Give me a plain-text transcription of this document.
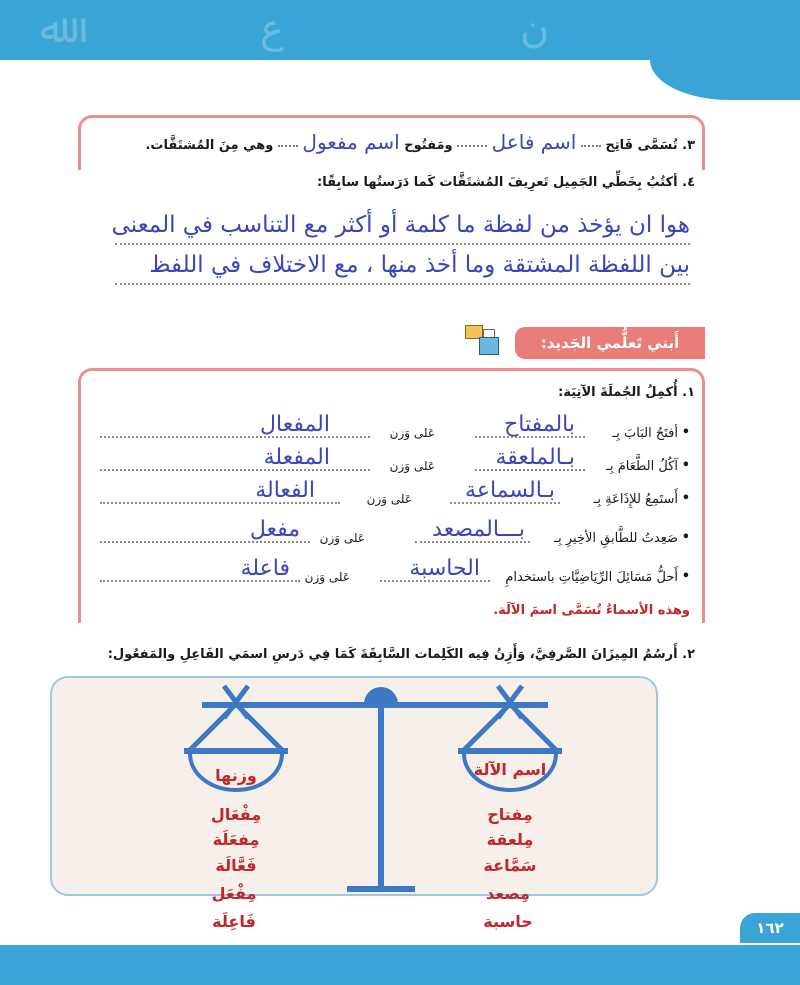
ﷲ	ع	ن
٣. تُسَمَّى فَاتِح  اسم فاعل  ومَفتُوح اسم مفعول  وهي مِنَ المُشتَقَّات.
٤. أكتُبُ بِخَطِّي الجَمِيل تَعرِيفَ المُشتَقَّات كَما دَرَستُها سابِقًا:
هوا ان يؤخذ من لفظة ما كلمة أو أكثر مع التناسب في المعنى
بين اللفظة المشتقة وما أخذ منها ، مع الاختلاف في اللفظ
أَبني تَعلُّمي الجَديد:
١. أُكمِلُ الجُملَةَ الآتِيَة:
•
أفتَحُ البَابَ بِـ
بالمفتاح
عَلى وَزن
المفعال
•
آكُلُ الطَّعَامَ بِـ
بـالملعقة
عَلى وَزن
المفعلة
•
أَستَمِعُ للإِذَاعَةِ بِـ
بـالسماعة
عَلى وَزن
الفعالة
•
صَعِدتُ للطَّابقِ الأخِيرِ بِـ
بـــالمصعد
عَلى وَزن
مفعل
•
أَحلُّ مَسَائِلَ الرِّيَاضِيَّاتِ باستخدامِ
الحاسبة
عَلى وَزن
فاعلة
وهذه الأسماءُ تُسَمَّى اسمَ الآلَة.
٢. أَرسُمُ المِيزَانَ الصَّرفِيَّ، وَأَزِنُ فِيه الكَلِمات السَّابِقَةَ كَمَا فِي دَرسِ اسمَي الفَاعِلِ والمَفعُول:
وزنها	اسم الآلة
مِفْعَال
مِفعَلَة
فَعَّالَة
مِفتاح
مِلعقة
سَمَّاعة
مِفْعَل
فَاعِلَة
مِصعد
حاسبة	١٦٢
